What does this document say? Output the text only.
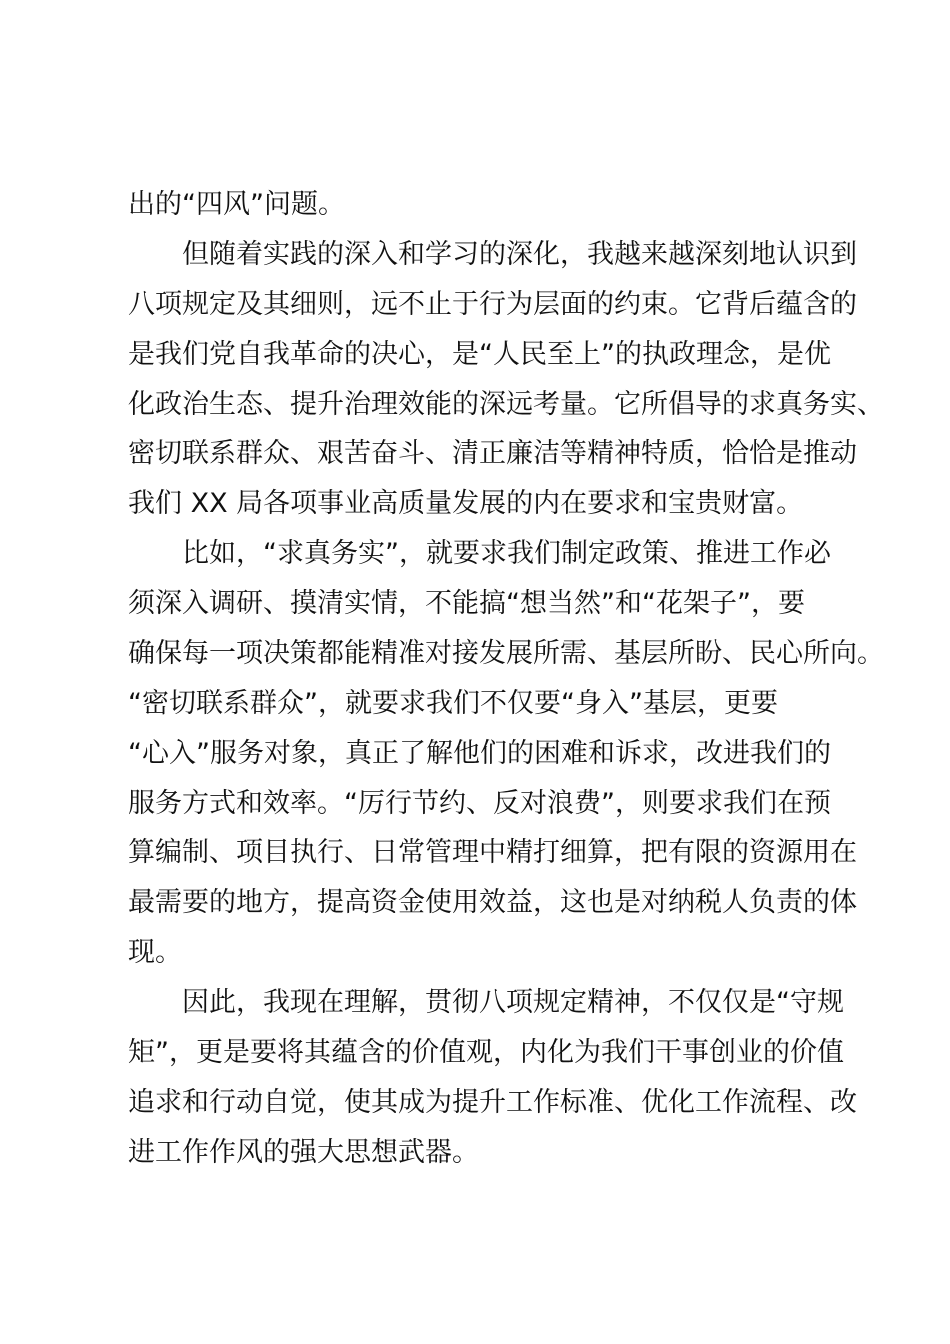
出的“四风”问题。
　　但随着实践的深入和学习的深化，我越来越深刻地认识到
八项规定及其细则，远不止于行为层面的约束。它背后蕴含的
是我们党自我革命的决心，是“人民至上”的执政理念，是优
化政治生态、提升治理效能的深远考量。它所倡导的求真务实、
密切联系群众、艰苦奋斗、清正廉洁等精神特质，恰恰是推动
我们 XX 局各项事业高质量发展的内在要求和宝贵财富。
　　比如，“求真务实”，就要求我们制定政策、推进工作必
须深入调研、摸清实情，不能搞“想当然”和“花架子”，要
确保每一项决策都能精准对接发展所需、基层所盼、民心所向。
“密切联系群众”，就要求我们不仅要“身入”基层，更要
“心入”服务对象，真正了解他们的困难和诉求，改进我们的
服务方式和效率。“厉行节约、反对浪费”，则要求我们在预
算编制、项目执行、日常管理中精打细算，把有限的资源用在
最需要的地方，提高资金使用效益，这也是对纳税人负责的体
现。
　　因此，我现在理解，贯彻八项规定精神，不仅仅是“守规
矩”，更是要将其蕴含的价值观，内化为我们干事创业的价值
追求和行动自觉，使其成为提升工作标准、优化工作流程、改
进工作作风的强大思想武器。
